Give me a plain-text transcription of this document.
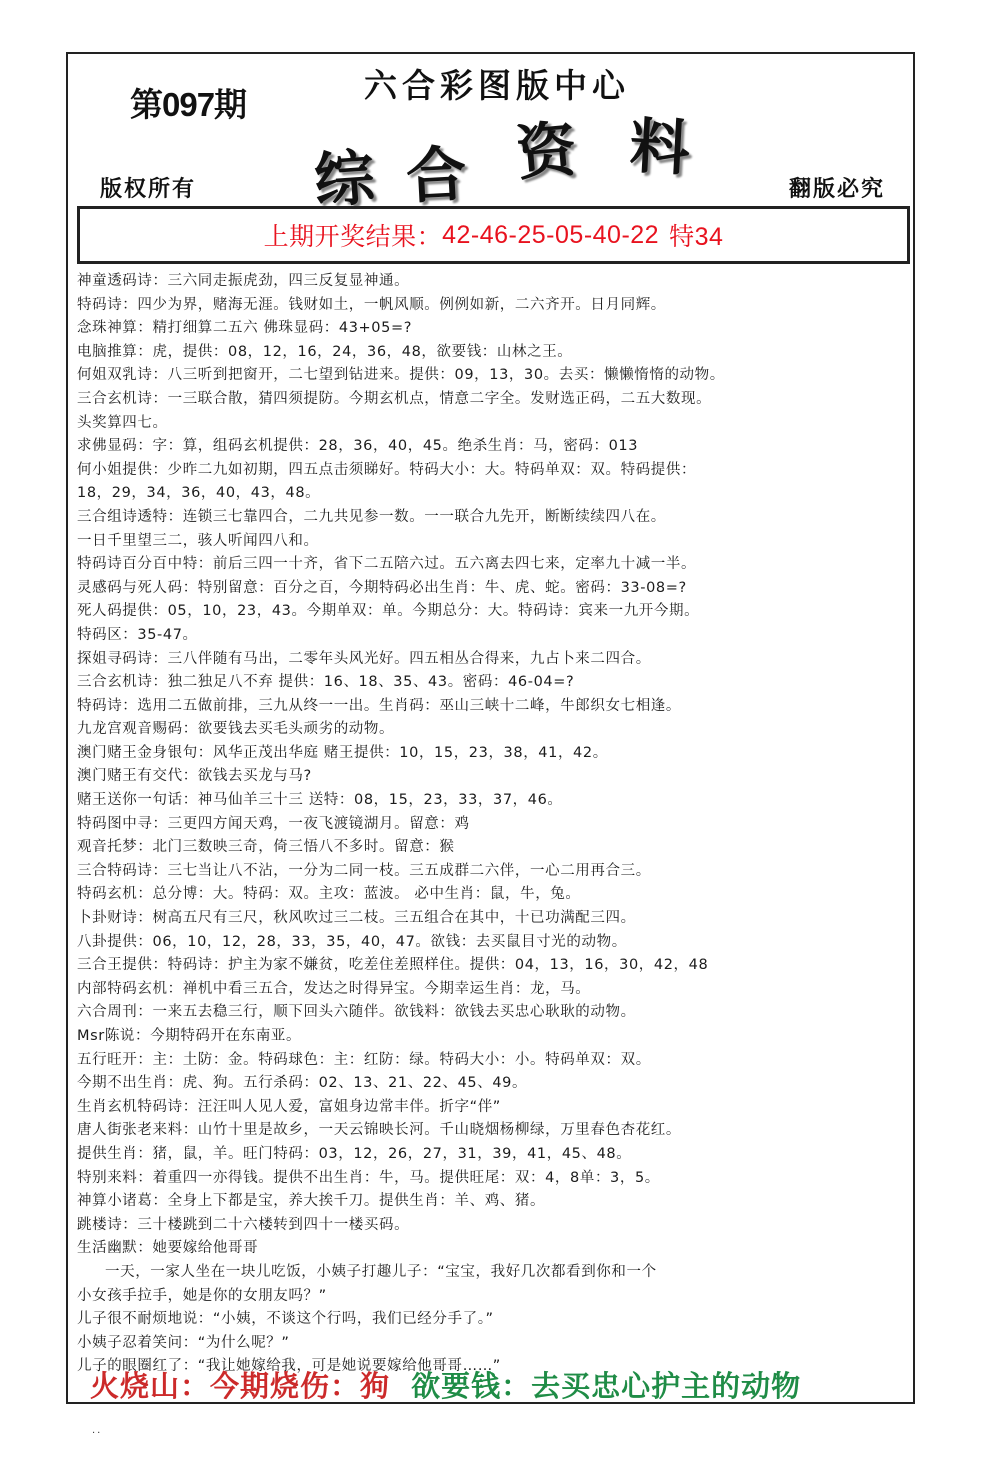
第097期	六合彩图版中心
综 合 资 料
版权所有	翻版必究
上期开奖结果： 42-46-25-05-40-22 特34
神童透码诗：三六同走振虎劲，四三反复显神通。
特码诗：四少为界，赌海无涯。钱财如土，一帆风顺。例例如新，二六齐开。日月同辉。
念珠神算：精打细算二五六 佛珠显码：43+05=?
电脑推算：虎，提供：08，12，16，24，36，48，欲要钱：山林之王。
何姐双乳诗：八三听到把窗开，二七望到钻进来。提供：09，13，30。去买：懒懒惰惰的动物。
三合玄机诗：一三联合散，猜四须提防。今期玄机点，情意二字全。发财选正码，二五大数现。
头奖算四七。
求佛显码：字：算，组码玄机提供：28，36，40，45。绝杀生肖：马，密码：013
何小姐提供：少昨二九如初期，四五点击须睇好。特码大小：大。特码单双：双。特码提供：
18，29，34，36，40，43，48。
三合组诗透特：连锁三七靠四合，二九共见参一数。一一联合九先开，断断续续四八在。
一日千里望三二，骇人听闻四八和。
特码诗百分百中特：前后三四一十齐，省下二五陪六过。五六离去四七来，定率九十减一半。
灵感码与死人码：特别留意：百分之百，今期特码必出生肖：牛、虎、蛇。密码：33-08=?
死人码提供：05，10，23，43。今期单双：单。今期总分：大。特码诗：宾来一九开今期。
特码区：35-47。
探姐寻码诗：三八伴随有马出，二零年头风光好。四五相丛合得来，九占卜来二四合。
三合玄机诗：独二独足八不弃 提供：16、18、35、43。密码：46-04=?
特码诗：选用二五做前排，三九从终一一出。生肖码：巫山三峡十二峰，牛郎织女七相逢。
九龙宫观音赐码：欲要钱去买毛头顽劣的动物。
澳门赌王金身银句：风华正茂出华庭 赌王提供：10，15，23，38，41，42。
澳门赌王有交代：欲钱去买龙与马?
赌王送你一句话：神马仙羊三十三 送特：08，15，23，33，37，46。
特码图中寻：三更四方闻天鸡，一夜飞渡镜湖月。留意：鸡
观音托梦：北门三数映三奇，倚三悟八不多时。留意：猴
三合特码诗：三七当让八不沾，一分为二同一枝。三五成群二六伴，一心二用再合三。
特码玄机：总分博：大。特码：双。主攻：蓝波。 必中生肖：鼠，牛，兔。
卜卦财诗：树高五尺有三尺，秋风吹过三二枝。三五组合在其中，十已功满配三四。
八卦提供：06，10，12，28，33，35，40，47。欲钱：去买鼠目寸光的动物。
三合王提供：特码诗：护主为家不嫌贫，吃差住差照样住。提供：04，13，16，30，42，48
内部特码玄机：禅机中看三五合，发达之时得异宝。今期幸运生肖：龙，马。
六合周刊：一来五去稳三行，顺下回头六随伴。欲钱料：欲钱去买忠心耿耿的动物。
Msr陈说：今期特码开在东南亚。
五行旺开：主：土防：金。特码球色：主：红防：绿。特码大小：小。特码单双：双。
今期不出生肖：虎、狗。五行杀码：02、13、21、22、45、49。
生肖玄机特码诗：汪汪叫人见人爱，富姐身边常丰伴。折字“伴”
唐人街张老来料：山竹十里是故乡，一天云锦映长河。千山晓烟杨柳绿，万里春色杏花红。
提供生肖：猪，鼠，羊。旺门特码：03，12，26，27，31，39，41，45、48。
特别来料：着重四一亦得钱。提供不出生肖：牛，马。提供旺尾：双：4，8单：3，5。
神算小诸葛：全身上下都是宝，养大挨千刀。提供生肖：羊、鸡、猪。
跳楼诗：三十楼跳到二十六楼转到四十一楼买码。
生活幽默：她要嫁给他哥哥
一天，一家人坐在一块儿吃饭，小姨子打趣儿子：“宝宝，我好几次都看到你和一个
小女孩手拉手，她是你的女朋友吗？”
儿子很不耐烦地说：“小姨，不谈这个行吗，我们已经分手了。”
小姨子忍着笑问：“为什么呢？”
儿子的眼圈红了：“我让她嫁给我，可是她说要嫁给他哥哥……”
火烧山：今期烧伤：狗 欲要钱：去买忠心护主的动物
··
